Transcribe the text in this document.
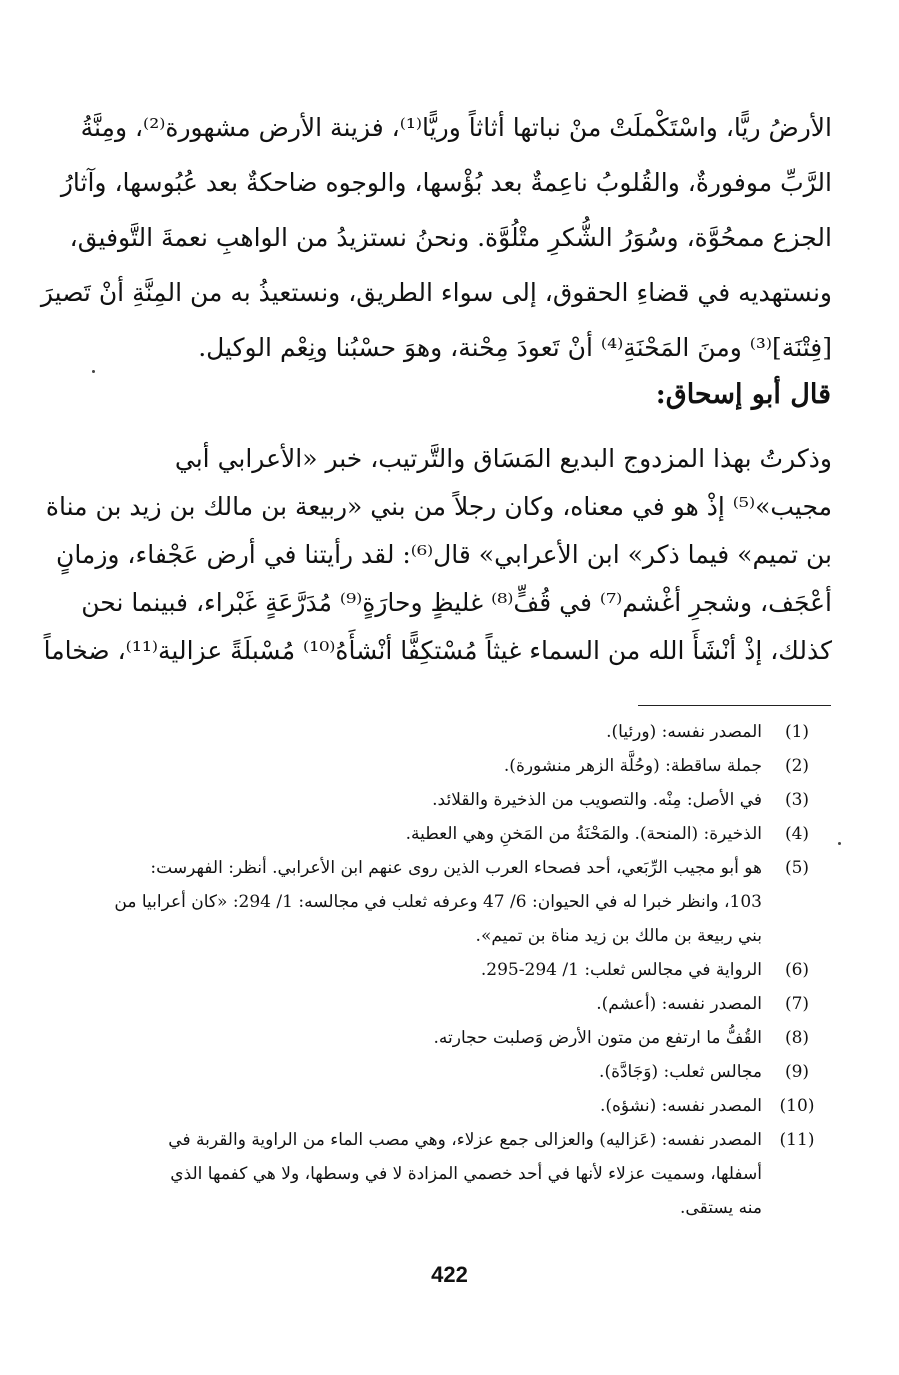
الأرضُ ريًّا، واسْتَكْملَتْ منْ نباتها أثاثاً وريًّا⁽¹⁾، فزينة الأرض مشهورة⁽²⁾، ومِنَّةُ
الرَّبِّ موفورةٌ، والقُلوبُ ناعِمةٌ بعد بُؤْسها، والوجوه ضاحكةٌ بعد عُبُوسها، وآثارُ
الجزع ممحُوَّة، وسُوَرُ الشُّكرِ متْلُوَّة. ونحنُ نستزيدُ من الواهبِ نعمةَ التَّوفيق،
ونستهديه في قضاءِ الحقوق، إلى سواء الطريق، ونستعيذُ به من المِنَّةِ أنْ تَصيرَ
[فِتْنَة]⁽³⁾ ومنَ المَحْنَةِ⁽⁴⁾ أنْ تَعودَ مِحْنة، وهوَ حسْبُنا ونِعْم الوكيل.
قال أبو إسحاق:
وذكرتُ بهذا المزدوج البديع المَسَاق والتَّرتيب، خبر «الأعرابي أبي
مجيب»⁽⁵⁾ إذْ هو في معناه، وكان رجلاً من بني «ربيعة بن مالك بن زيد بن مناة
بن تميم» فيما ذكر» ابن الأعرابي» قال⁽⁶⁾: لقد رأيتنا في أرض عَجْفاء، وزمانٍ
أعْجَف، وشجرِ أغْشم⁽⁷⁾ في قُفٍّ⁽⁸⁾ غليظٍ وحارَةٍ⁽⁹⁾ مُدَرَّعَةٍ غَبْراء، فبينما نحن
كذلك، إذْ أنْشَأَ الله من السماء غيثاً مُسْتكِفًّا أنْشأَهُ⁽¹⁰⁾ مُسْبلَةً عزالية⁽¹¹⁾، ضخاماً
(1)
المصدر نفسه: (ورئيا).
(2)
جملة ساقطة: (وحُلَّة الزهر منشورة).
(3)
في الأصل: مِنْه. والتصويب من الذخيرة والقلائد.
(4)
الذخيرة: (المنحة). والمَحْنَةُ من المَخنِ وهي العطية.
(5)
هو أبو مجيب الرِّبَعي، أحد فصحاء العرب الذين روى عنهم ابن الأعرابي. أنظر: الفهرست:
103، وانظر خبرا له في الحيوان: 6/ 47 وعرفه ثعلب في مجالسه: 1/ 294: «كان أعرابيا من
بني ربيعة بن مالك بن زيد مناة بن تميم».
(6)
الرواية في مجالس ثعلب: 1/ 294-295.
(7)
المصدر نفسه: (أعشم).
(8)
القُفُّ ما ارتفع من متون الأرض وَصلبت حجارته.
(9)
مجالس ثعلب: (وَجَادَّة).
(10)
المصدر نفسه: (نشؤه).
(11)
المصدر نفسه: (عَزاليه) والعزالى جمع عزلاء، وهي مصب الماء من الراوية والقربة في
أسفلها، وسميت عزلاء لأنها في أحد خصمي المزادة لا في وسطها، ولا هي كفمها الذي
منه يستقى.
422
